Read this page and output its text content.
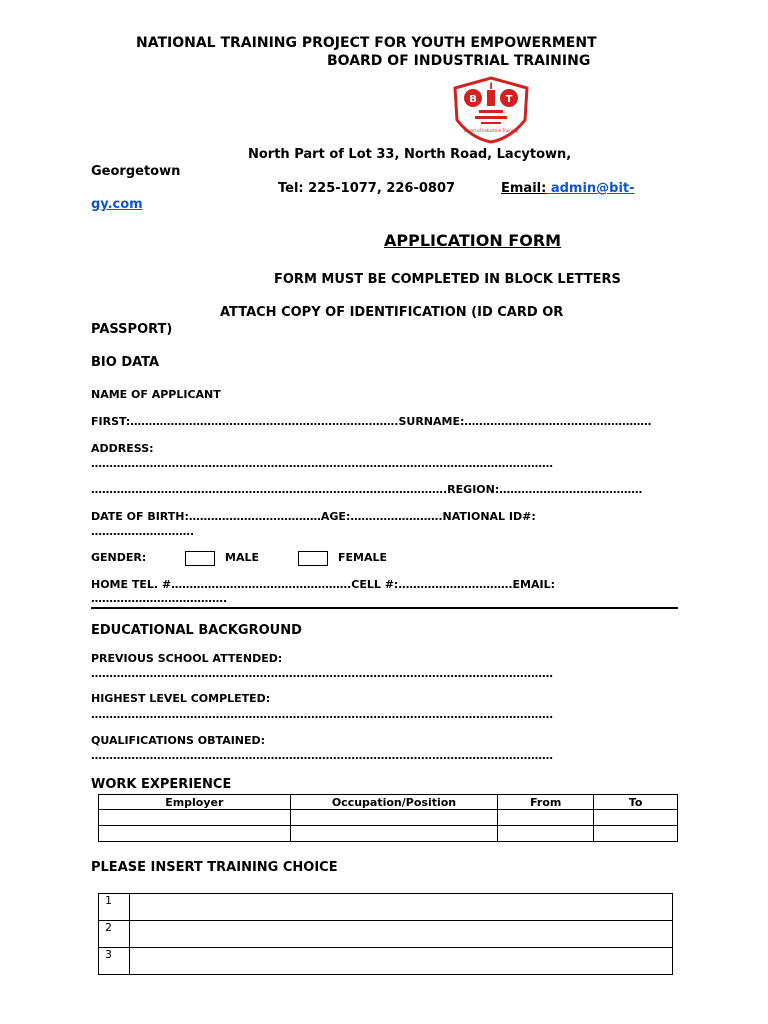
NATIONAL TRAINING PROJECT FOR YOUTH EMPOWERMENT
BOARD OF INDUSTRIAL TRAINING
B
I
T
Board of Industrial Training
North Part of Lot 33, North Road, Lacytown,
Georgetown
Tel: 225-1077, 226-0807	Email: admin@bit-
gy.com
APPLICATION FORM
FORM MUST BE COMPLETED IN BLOCK LETTERS
ATTACH COPY OF IDENTIFICATION (ID CARD OR
PASSPORT)
BIO DATA
NAME OF APPLICANT
FIRST:……………………………………………………………….SURNAME:……………………………………………
ADDRESS:
………………………………………………………………………………………………………………
…………………………………………………………………………………….REGION:…………………………………
DATE OF BIRTH:………………………………AGE:…………………….NATIONAL ID#:
……………………….
GENDER:	MALE	FEMALE
HOME TEL. #………………………………………….CELL #:………………………….EMAIL:
……………………………….
EDUCATIONAL BACKGROUND
PREVIOUS SCHOOL ATTENDED:
………………………………………………………………………………………………………………
HIGHEST LEVEL COMPLETED:
………………………………………………………………………………………………………………
QUALIFICATIONS OBTAINED:
………………………………………………………………………………………………………………
WORK EXPERIENCE
Employer	Occupation/Position	From	To

PLEASE INSERT TRAINING CHOICE
1	
2	
3	
